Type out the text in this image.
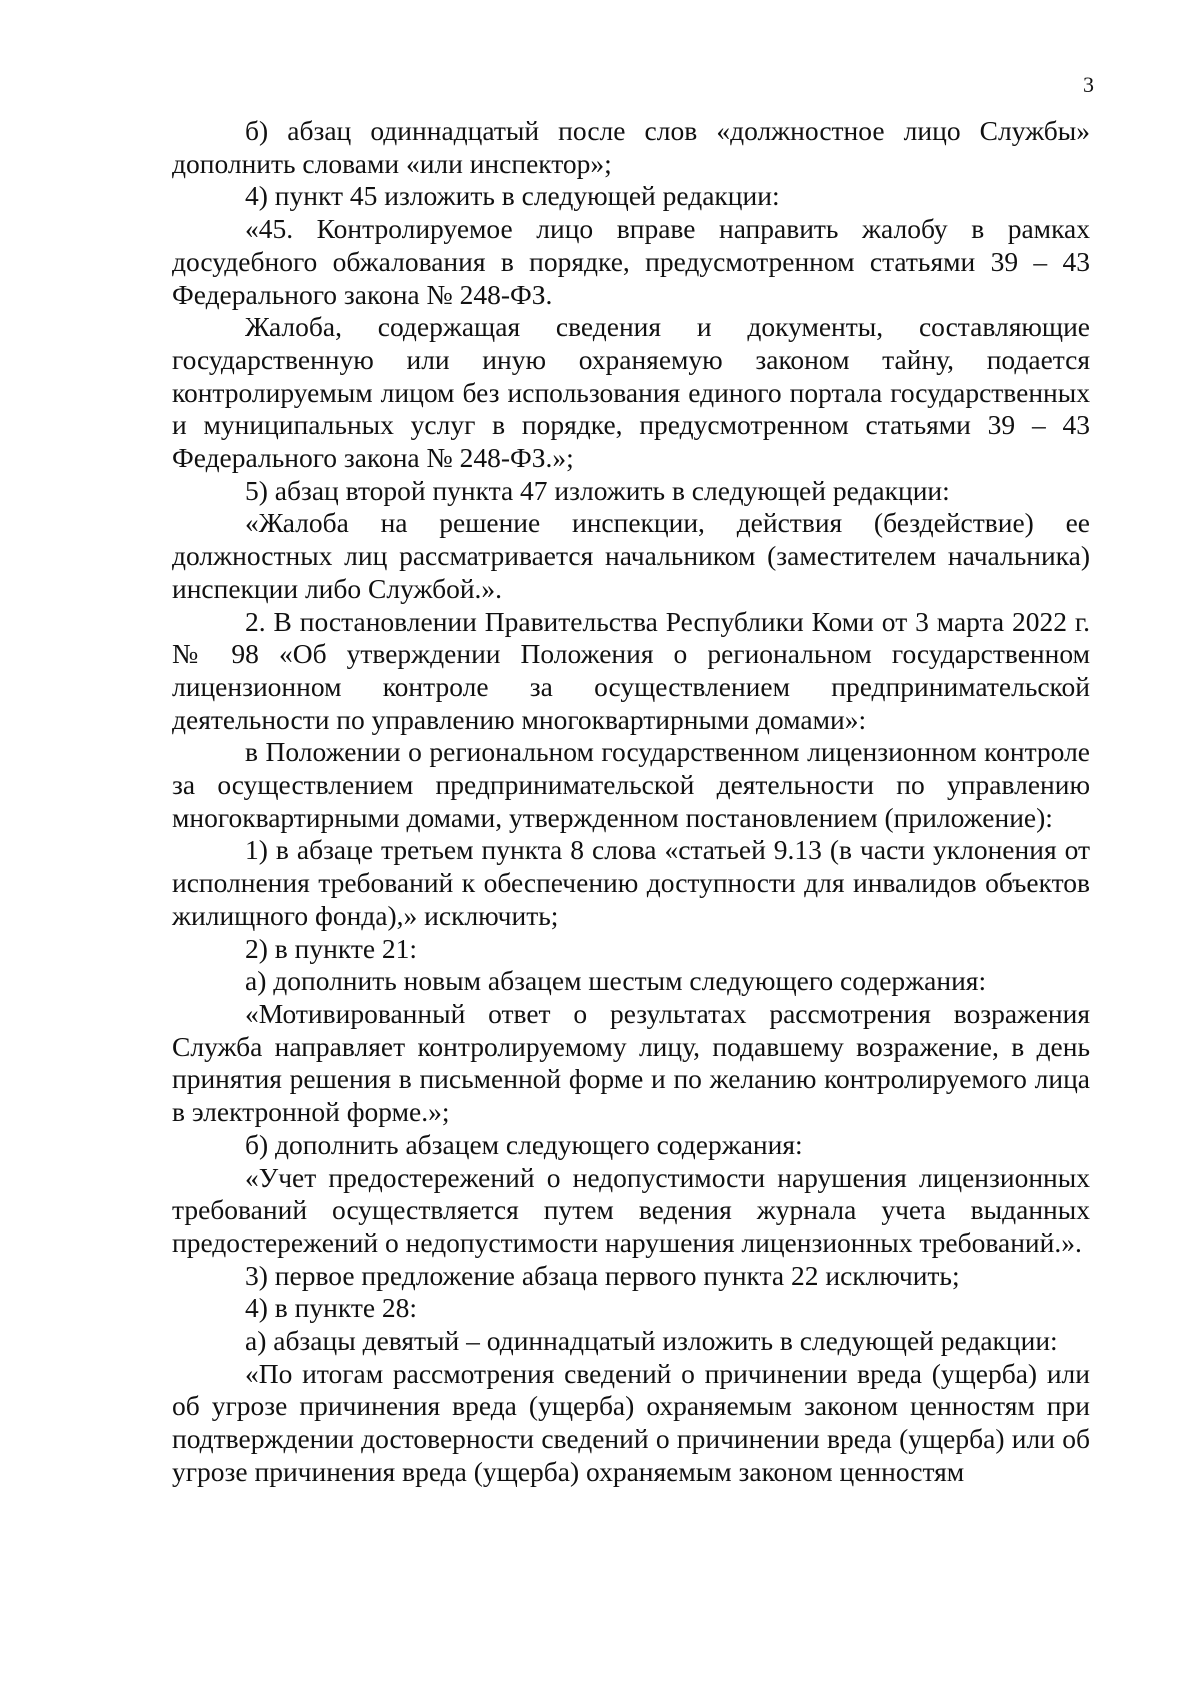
3

б) абзац одиннадцатый после слов «должностное лицо Службы» дополнить словами «или инспектор»;

4) пункт 45 изложить в следующей редакции:

«45. Контролируемое лицо вправе направить жалобу в рамках досудебного обжалования в порядке, предусмотренном статьями 39 – 43 Федерального закона № 248-ФЗ.

Жалоба, содержащая сведения и документы, составляющие государственную или иную охраняемую законом тайну, подается контролируемым лицом без использования единого портала государственных и муниципальных услуг в порядке, предусмотренном статьями 39 – 43 Федерального закона № 248-ФЗ.»;

5) абзац второй пункта 47 изложить в следующей редакции:

«Жалоба на решение инспекции, действия (бездействие) ее должностных лиц рассматривается начальником (заместителем начальника) инспекции либо Службой.».

2. В постановлении Правительства Республики Коми от 3 марта 2022 г. № 98 «Об утверждении Положения о региональном государственном лицензионном контроле за осуществлением предпринимательской деятельности по управлению многоквартирными домами»:

в Положении о региональном государственном лицензионном контроле за осуществлением предпринимательской деятельности по управлению многоквартирными домами, утвержденном постановлением (приложение):

1) в абзаце третьем пункта 8 слова «статьей 9.13 (в части уклонения от исполнения требований к обеспечению доступности для инвалидов объектов жилищного фонда),» исключить;

2) в пункте 21:

а) дополнить новым абзацем шестым следующего содержания:

«Мотивированный ответ о результатах рассмотрения возражения Служба направляет контролируемому лицу, подавшему возражение, в день принятия решения в письменной форме и по желанию контролируемого лица в электронной форме.»;

б) дополнить абзацем следующего содержания:

«Учет предостережений о недопустимости нарушения лицензионных требований осуществляется путем ведения журнала учета выданных предостережений о недопустимости нарушения лицензионных требований.».

3) первое предложение абзаца первого пункта 22 исключить;

4) в пункте 28:

а) абзацы девятый – одиннадцатый изложить в следующей редакции:

«По итогам рассмотрения сведений о причинении вреда (ущерба) или об угрозе причинения вреда (ущерба) охраняемым законом ценностям при подтверждении достоверности сведений о причинении вреда (ущерба) или об угрозе причинения вреда (ущерба) охраняемым законом ценностям
